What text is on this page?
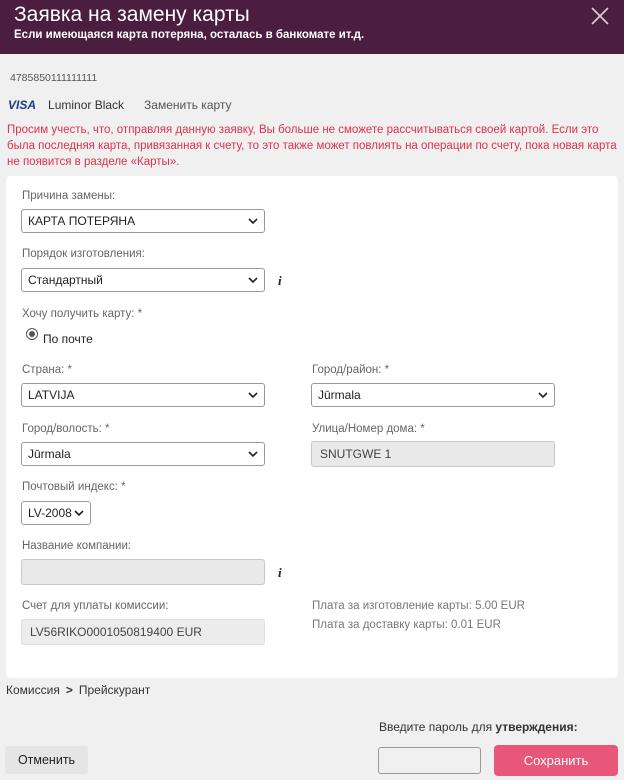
Заявка на замену карты
Если имеющаяся карта потеряна, осталась в банкомате ит.д.
4785850111111111
VISA Luminor Black Заменить карту
Просим учесть, что, отправляя данную заявку, Вы больше не сможете рассчитываться своей картой. Если это была последняя карта, привязанная к счету, то это также может повлиять на операции по счету, пока новая карта не появится в разделе «Карты».
Причина замены:
КАРТА ПОТЕРЯНА
Порядок изготовления:
Стандартный	i
Хочу получить карту: *
По почте
Страна: *
LATVIJA
Город/район: *
Jūrmala
Город/волость: *
Jūrmala
Улица/Номер дома: *
SNUTGWE 1
Почтовый индекс: *
LV-2008
Название компании:
i
Счет для уплаты комиссии:
LV56RIKO0001050819400 EUR
Плата за изготовление карты: 5.00 EUR
Плата за доставку карты: 0.01 EUR
Комиссия > Прейскурант
Введите пароль для утверждения:
Отменить	Сохранить
